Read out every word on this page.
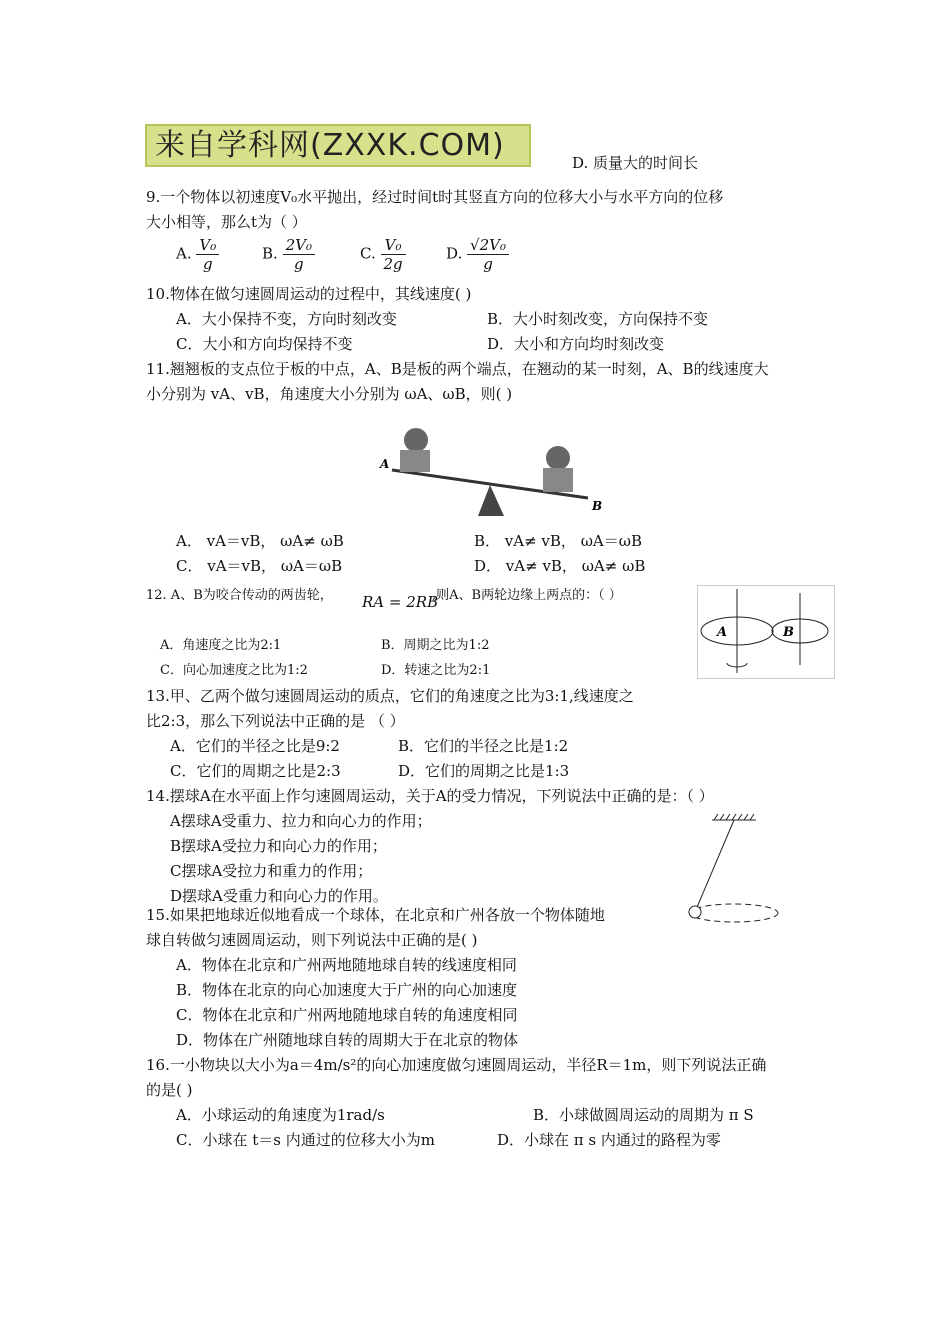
来自学科网(ZXXK.COM)	D. 质量大的时间长
9.一个物体以初速度V₀水平抛出，经过时间t时其竖直方向的位移大小与水平方向的位移
大小相等，那么t为（ ）
A. $\frac{\text{V₀}}{g}$	B. $\frac{\text{2V₀}}{g}$	C. $\frac{\text{V₀}}{2g}$	D. $\frac{\text{√2V₀}}{g}$
10.物体在做匀速圆周运动的过程中，其线速度( )
A．大小保持不变，方向时刻改变	B．大小时刻改变，方向保持不变
C．大小和方向均保持不变	D．大小和方向均时刻改变
11.翘翘板的支点位于板的中点，A、B是板的两个端点，在翘动的某一时刻，A、B的线速度大
小分别为 vA、vB，角速度大小分别为 ωA、ωB，则( )
A
B
A． vA＝vB， ωA≠ ωB	B． vA≠ vB， ωA＝ωB
C． vA＝vB， ωA＝ωB	D． vA≠ vB， ωA≠ ωB
12. A、B为咬合传动的两齿轮， RA = 2RB
,则A、B两轮边缘上两点的：（ ）
A．角速度之比为2:1	B．周期之比为1:2
C．向心加速度之比为1:2	D．转速之比为2:1
A	B
13.甲、乙两个做匀速圆周运动的质点，它们的角速度之比为3:1,线速度之
比2:3，那么下列说法中正确的是 （ ）
A．它们的半径之比是9:2	B．它们的半径之比是1:2
C．它们的周期之比是2:3	D．它们的周期之比是1:3
14.摆球A在水平面上作匀速圆周运动，关于A的受力情况，下列说法中正确的是：（ ）
A摆球A受重力、拉力和向心力的作用；
B摆球A受拉力和向心力的作用；
C摆球A受拉力和重力的作用；
D摆球A受重力和向心力的作用。
15.如果把地球近似地看成一个球体，在北京和广州各放一个物体随地
球自转做匀速圆周运动，则下列说法中正确的是( )
A．物体在北京和广州两地随地球自转的线速度相同
B．物体在北京的向心加速度大于广州的向心加速度
C．物体在北京和广州两地随地球自转的角速度相同
D．物体在广州随地球自转的周期大于在北京的物体
16.一小物块以大小为a＝4m/s²的向心加速度做匀速圆周运动，半径R＝1m，则下列说法正确
的是( )
A．小球运动的角速度为1rad/s	B．小球做圆周运动的周期为 π S
C．小球在 t＝s 内通过的位移大小为m	D．小球在 π s 内通过的路程为零
